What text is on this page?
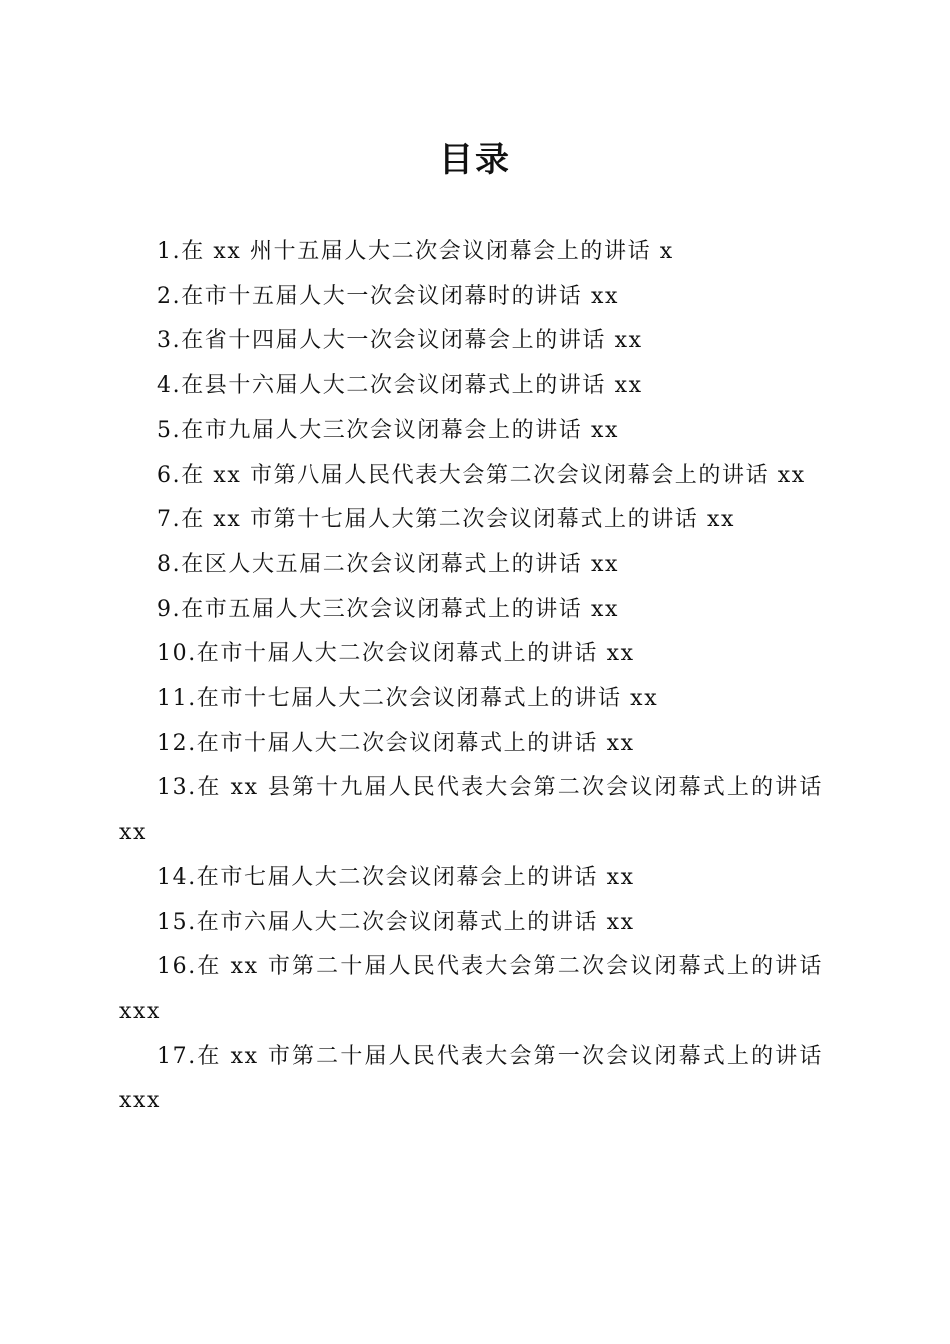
目录
1.在 xx 州十五届人大二次会议闭幕会上的讲话 x
2.在市十五届人大一次会议闭幕时的讲话 xx
3.在省十四届人大一次会议闭幕会上的讲话 xx
4.在县十六届人大二次会议闭幕式上的讲话 xx
5.在市九届人大三次会议闭幕会上的讲话 xx
6.在 xx 市第八届人民代表大会第二次会议闭幕会上的讲话 xx
7.在 xx 市第十七届人大第二次会议闭幕式上的讲话 xx
8.在区人大五届二次会议闭幕式上的讲话 xx
9.在市五届人大三次会议闭幕式上的讲话 xx
10.在市十届人大二次会议闭幕式上的讲话 xx
11.在市十七届人大二次会议闭幕式上的讲话 xx
12.在市十届人大二次会议闭幕式上的讲话 xx
13.在 xx 县第十九届人民代表大会第二次会议闭幕式上的讲话 xx
14.在市七届人大二次会议闭幕会上的讲话 xx
15.在市六届人大二次会议闭幕式上的讲话 xx
16.在 xx 市第二十届人民代表大会第二次会议闭幕式上的讲话 xxx
17.在 xx 市第二十届人民代表大会第一次会议闭幕式上的讲话 xxx
